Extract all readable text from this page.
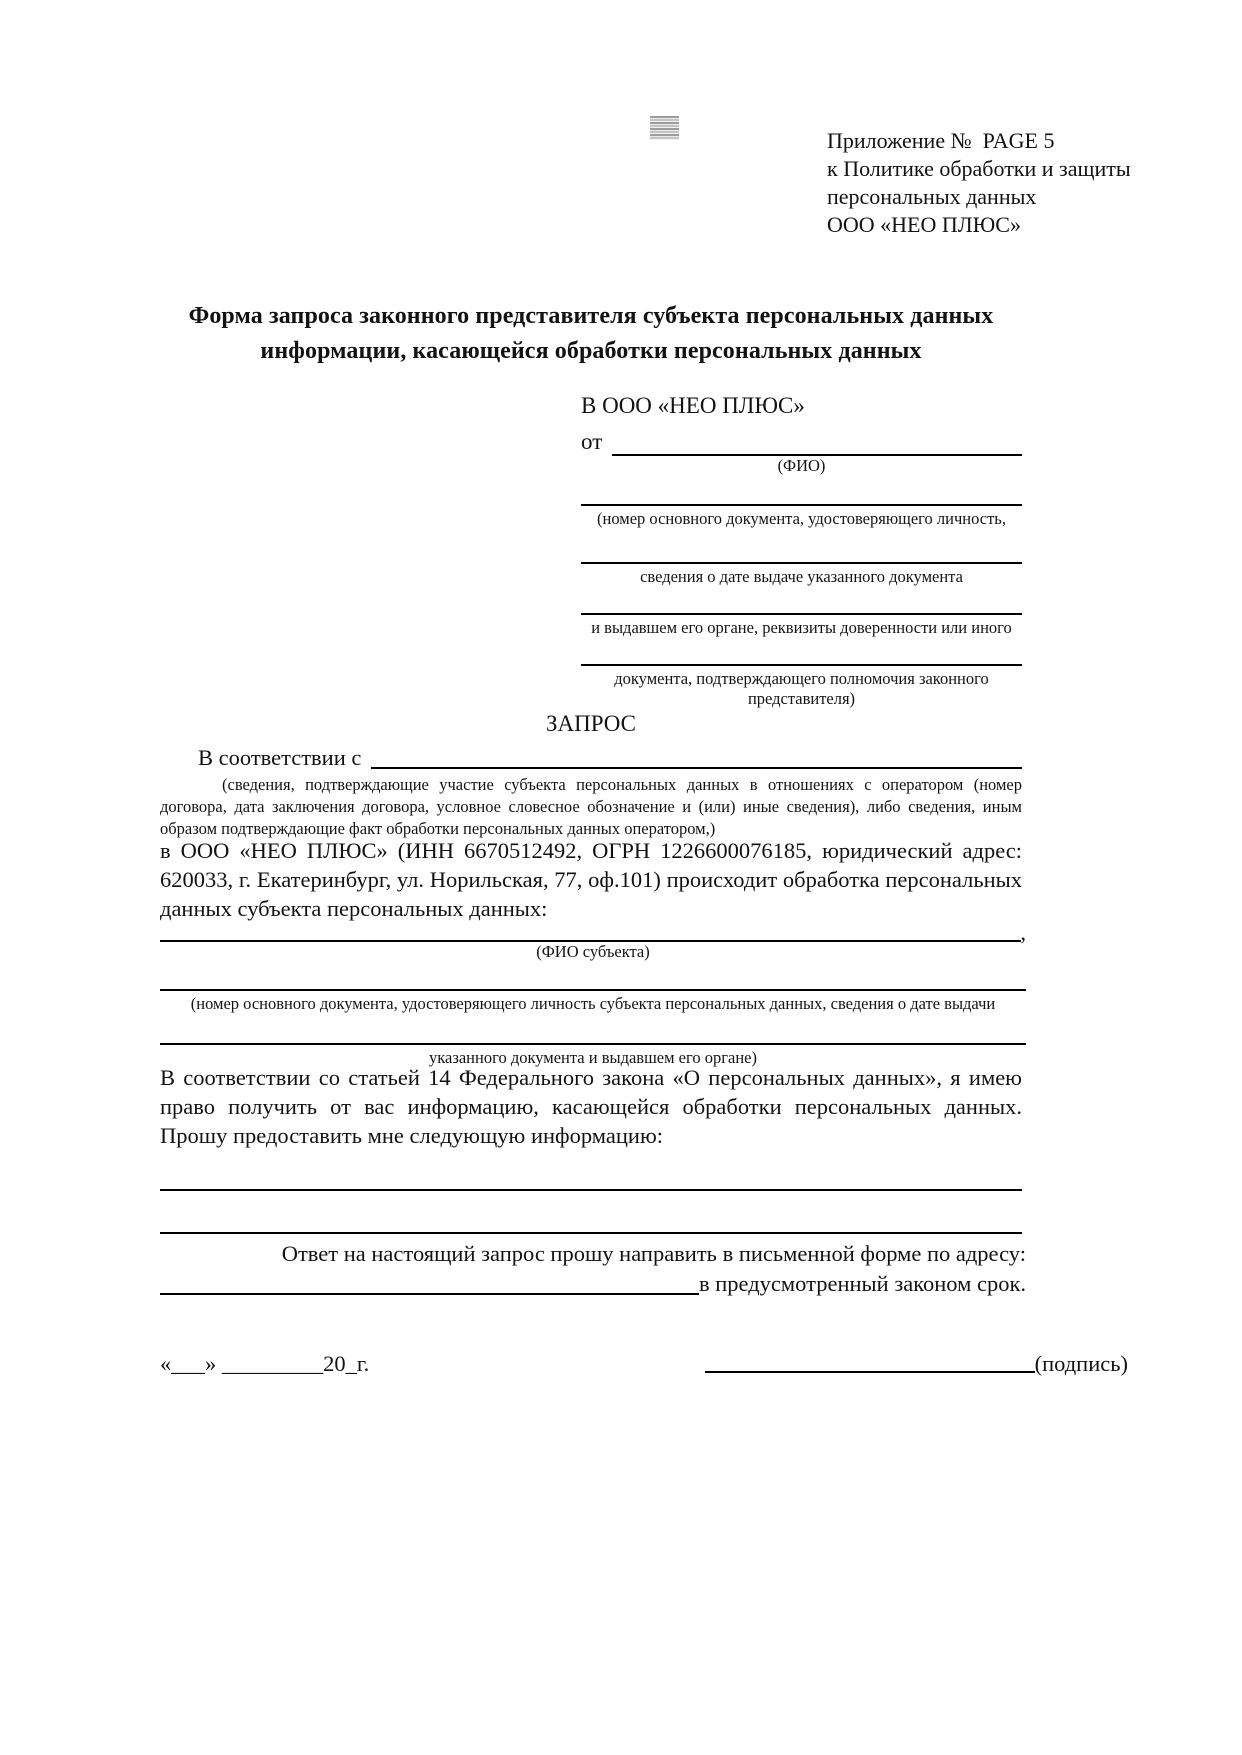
Приложение №  PAGE 5
к Политике обработки и защиты
персональных данных
ООО «НЕО ПЛЮС»
Форма запроса законного представителя субъекта персональных данных информации, касающейся обработки персональных данных
В ООО «НЕО ПЛЮС»
от
(ФИО)
(номер основного документа, удостоверяющего личность,
сведения о дате выдаче указанного документа
и выдавшем его органе, реквизиты доверенности или иного
документа, подтверждающего полномочия законного представителя)
ЗАПРОС
В соответствии с
(сведения, подтверждающие участие субъекта персональных данных в отношениях с оператором (номер договора, дата заключения договора, условное словесное обозначение и (или) иные сведения), либо сведения, иным образом подтверждающие факт обработки персональных данных оператором,)
в ООО «НЕО ПЛЮС» (ИНН 6670512492, ОГРН 1226600076185, юридический адрес: 620033, г. Екатеринбург, ул. Норильская, 77, оф.101) происходит обработка персональных данных субъекта персональных данных:
,
(ФИО субъекта)
(номер основного документа, удостоверяющего личность субъекта персональных данных, сведения о дате выдачи
указанного документа и выдавшем его органе)
В соответствии со статьей 14 Федерального закона «О персональных данных», я имею право получить от вас информацию, касающейся обработки персональных данных. Прошу предоставить мне следующую информацию:
Ответ на настоящий запрос прошу направить в письменной форме по адресу:
в предусмотренный законом срок.
«___» _________20_г.	(подпись)
